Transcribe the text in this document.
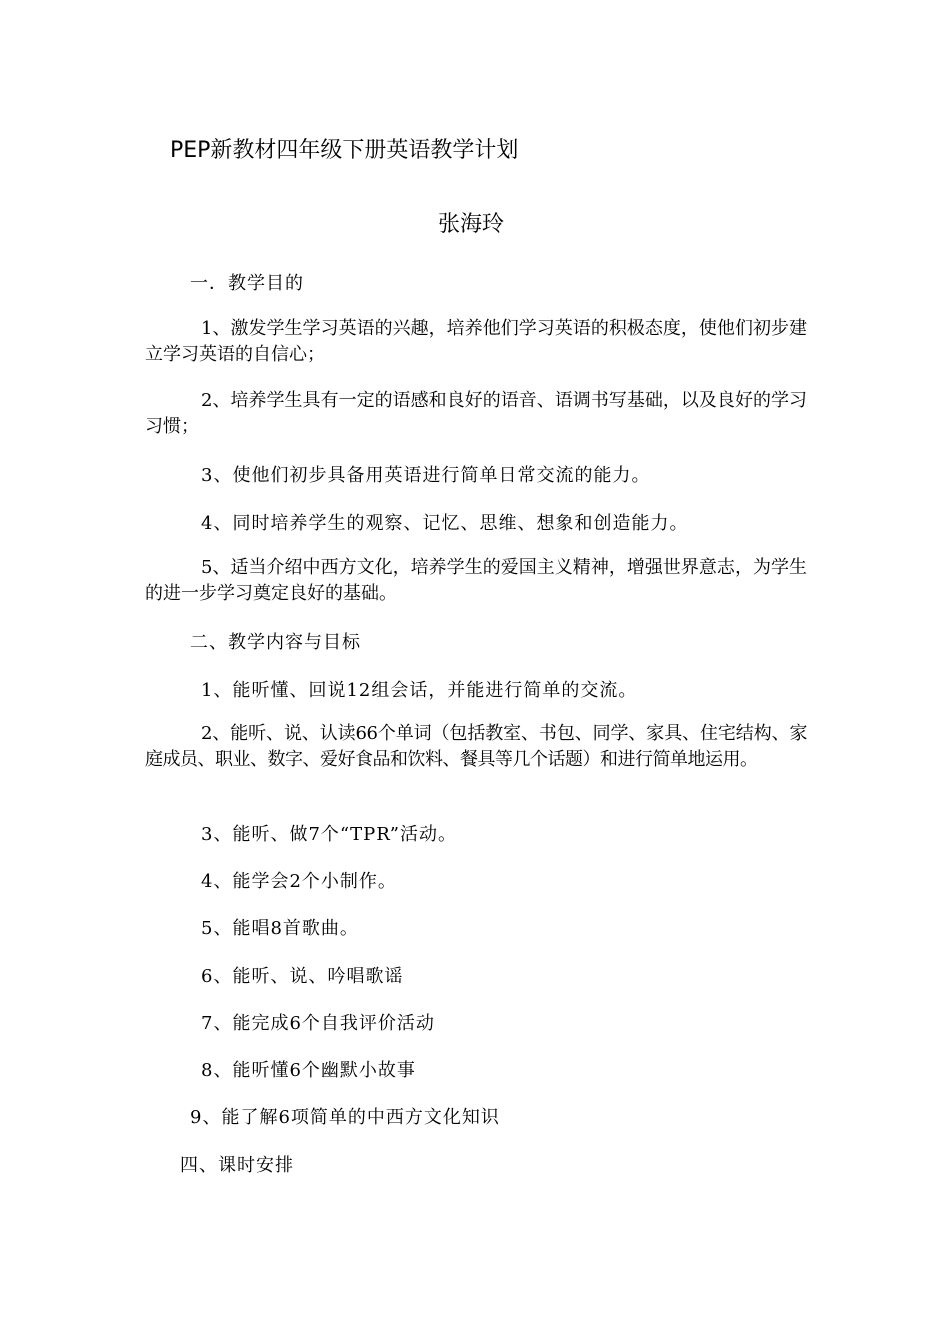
PEP新教材四年级下册英语教学计划
张海玲
一．教学目的
1、激发学生学习英语的兴趣，培养他们学习英语的积极态度，使他们初步建立学习英语的自信心；
2、培养学生具有一定的语感和良好的语音、语调书写基础，以及良好的学习习惯；
3、使他们初步具备用英语进行简单日常交流的能力。
4、同时培养学生的观察、记忆、思维、想象和创造能力。
5、适当介绍中西方文化，培养学生的爱国主义精神，增强世界意志，为学生的进一步学习奠定良好的基础。
二、教学内容与目标
1、能听懂、回说12组会话，并能进行简单的交流。
2、能听、说、认读66个单词（包括教室、书包、同学、家具、住宅结构、家庭成员、职业、数字、爱好食品和饮料、餐具等几个话题）和进行简单地运用。
3、能听、做7个“TPR”活动。
4、能学会2个小制作。
5、能唱8首歌曲。
6、能听、说、吟唱歌谣
7、能完成6个自我评价活动
8、能听懂6个幽默小故事
9、能了解6项简单的中西方文化知识
四、课时安排
